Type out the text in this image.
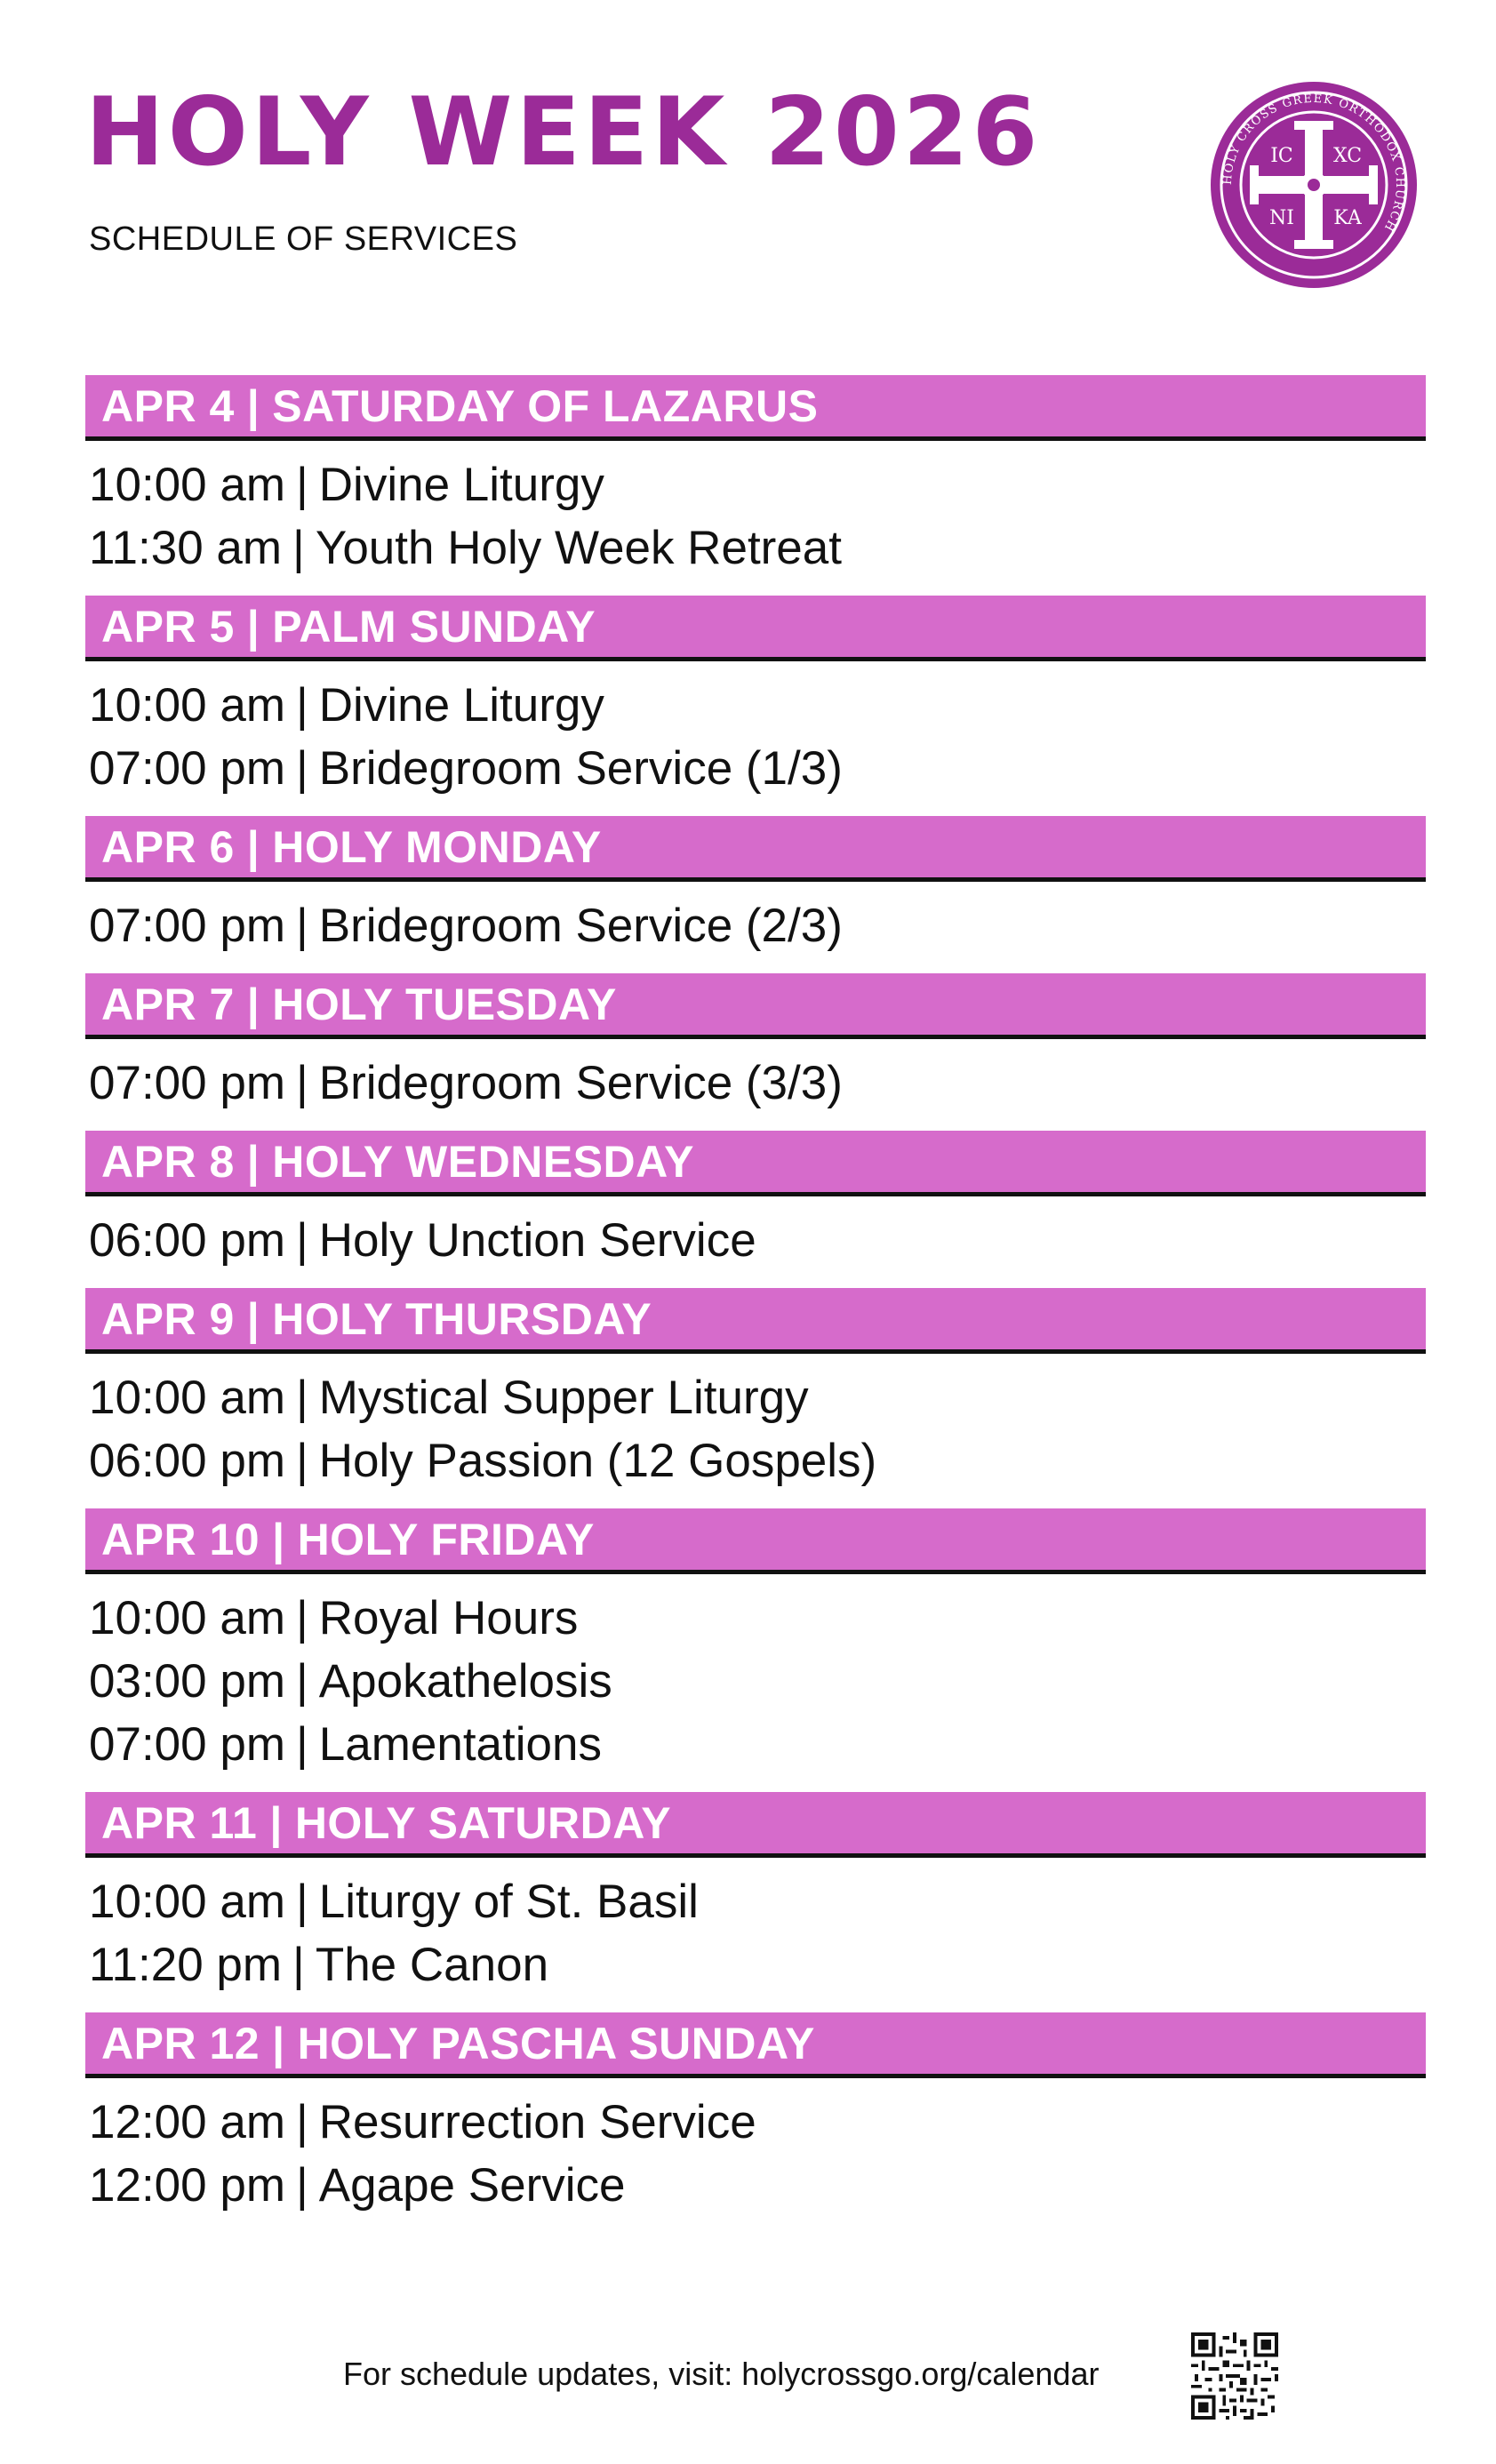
HOLY WEEK 2026
SCHEDULE OF SERVICES
HOLY CROSS GREEK ORTHODOX CHURCH
IC XC
NI KA
APR 4 | SATURDAY OF LAZARUS
10:00 am | Divine Liturgy
11:30 am | Youth Holy Week Retreat
APR 5 | PALM SUNDAY
10:00 am | Divine Liturgy
07:00 pm | Bridegroom Service (1/3)
APR 6 | HOLY MONDAY
07:00 pm | Bridegroom Service (2/3)
APR 7 | HOLY TUESDAY
07:00 pm | Bridegroom Service (3/3)
APR 8 | HOLY WEDNESDAY
06:00 pm | Holy Unction Service
APR 9 | HOLY THURSDAY
10:00 am | Mystical Supper Liturgy
06:00 pm | Holy Passion (12 Gospels)
APR 10 | HOLY FRIDAY
10:00 am | Royal Hours
03:00 pm | Apokathelosis
07:00 pm | Lamentations
APR 11 | HOLY SATURDAY
10:00 am | Liturgy of St. Basil
11:20 pm | The Canon
APR 12 | HOLY PASCHA SUNDAY
12:00 am | Resurrection Service
12:00 pm | Agape Service
For schedule updates, visit: holycrossgo.org/calendar
